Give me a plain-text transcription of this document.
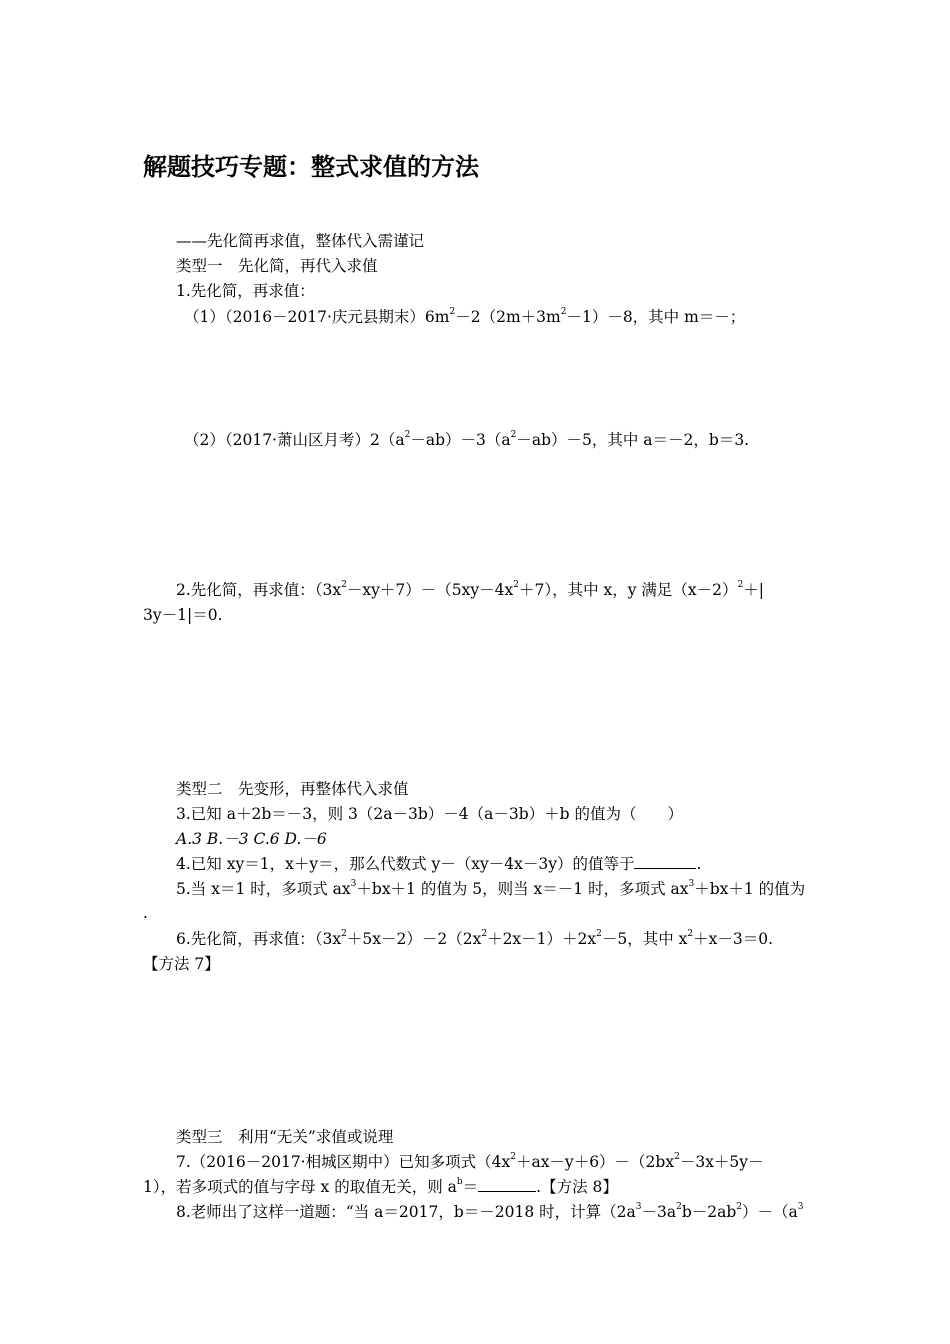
解题技巧专题：整式求值的方法
——先化简再求值，整体代入需谨记
类型一　先化简，再代入求值
1.先化简，再求值：
（1）（2016－2017·庆元县期末）$6m^2-2(2m+3m^2-1)-8$，其中 m＝－；
（2）（2017·萧山区月考）$2(a^2-ab)-3(a^2-ab)-5$，其中 a＝－2，b＝3.
2.先化简，再求值：$(3x^2-xy+7)-(5xy-4x^2+7)$，其中 x，y 满足$(x-2)^2+|$
3y－1|＝0.
类型二　先变形，再整体代入求值
3.已知 a＋2b＝－3，则 3（2a－3b）－4（a－3b）＋b 的值为（　　）
A.3 B.－3 C.6 D.－6
4.已知 xy＝1，x＋y＝，那么代数式 y－（xy－4x－3y）的值等于	.
5.当 x＝1 时，多项式 $ax^3+bx+1$ 的值为 5，则当 x＝－1 时，多项式 $ax^3+bx+1$ 的值为
.
6.先化简，再求值：$(3x^2+5x-2)-2(2x^2+2x-1)+2x^2-5$，其中 $x^2+x-3=0$.
【方法 7】
类型三　利用“无关”求值或说理
7.（2016－2017·相城区期中）已知多项式$(4x^2+ax-y+6)-(2bx^2-3x+5y-$
1），若多项式的值与字母 x 的取值无关，则 $a^b=$	.【方法 8】
8.老师出了这样一道题：“当 a＝2017，b＝－2018 时，计算$(2a^3-3a^2b-2ab^2)-(a^3$
